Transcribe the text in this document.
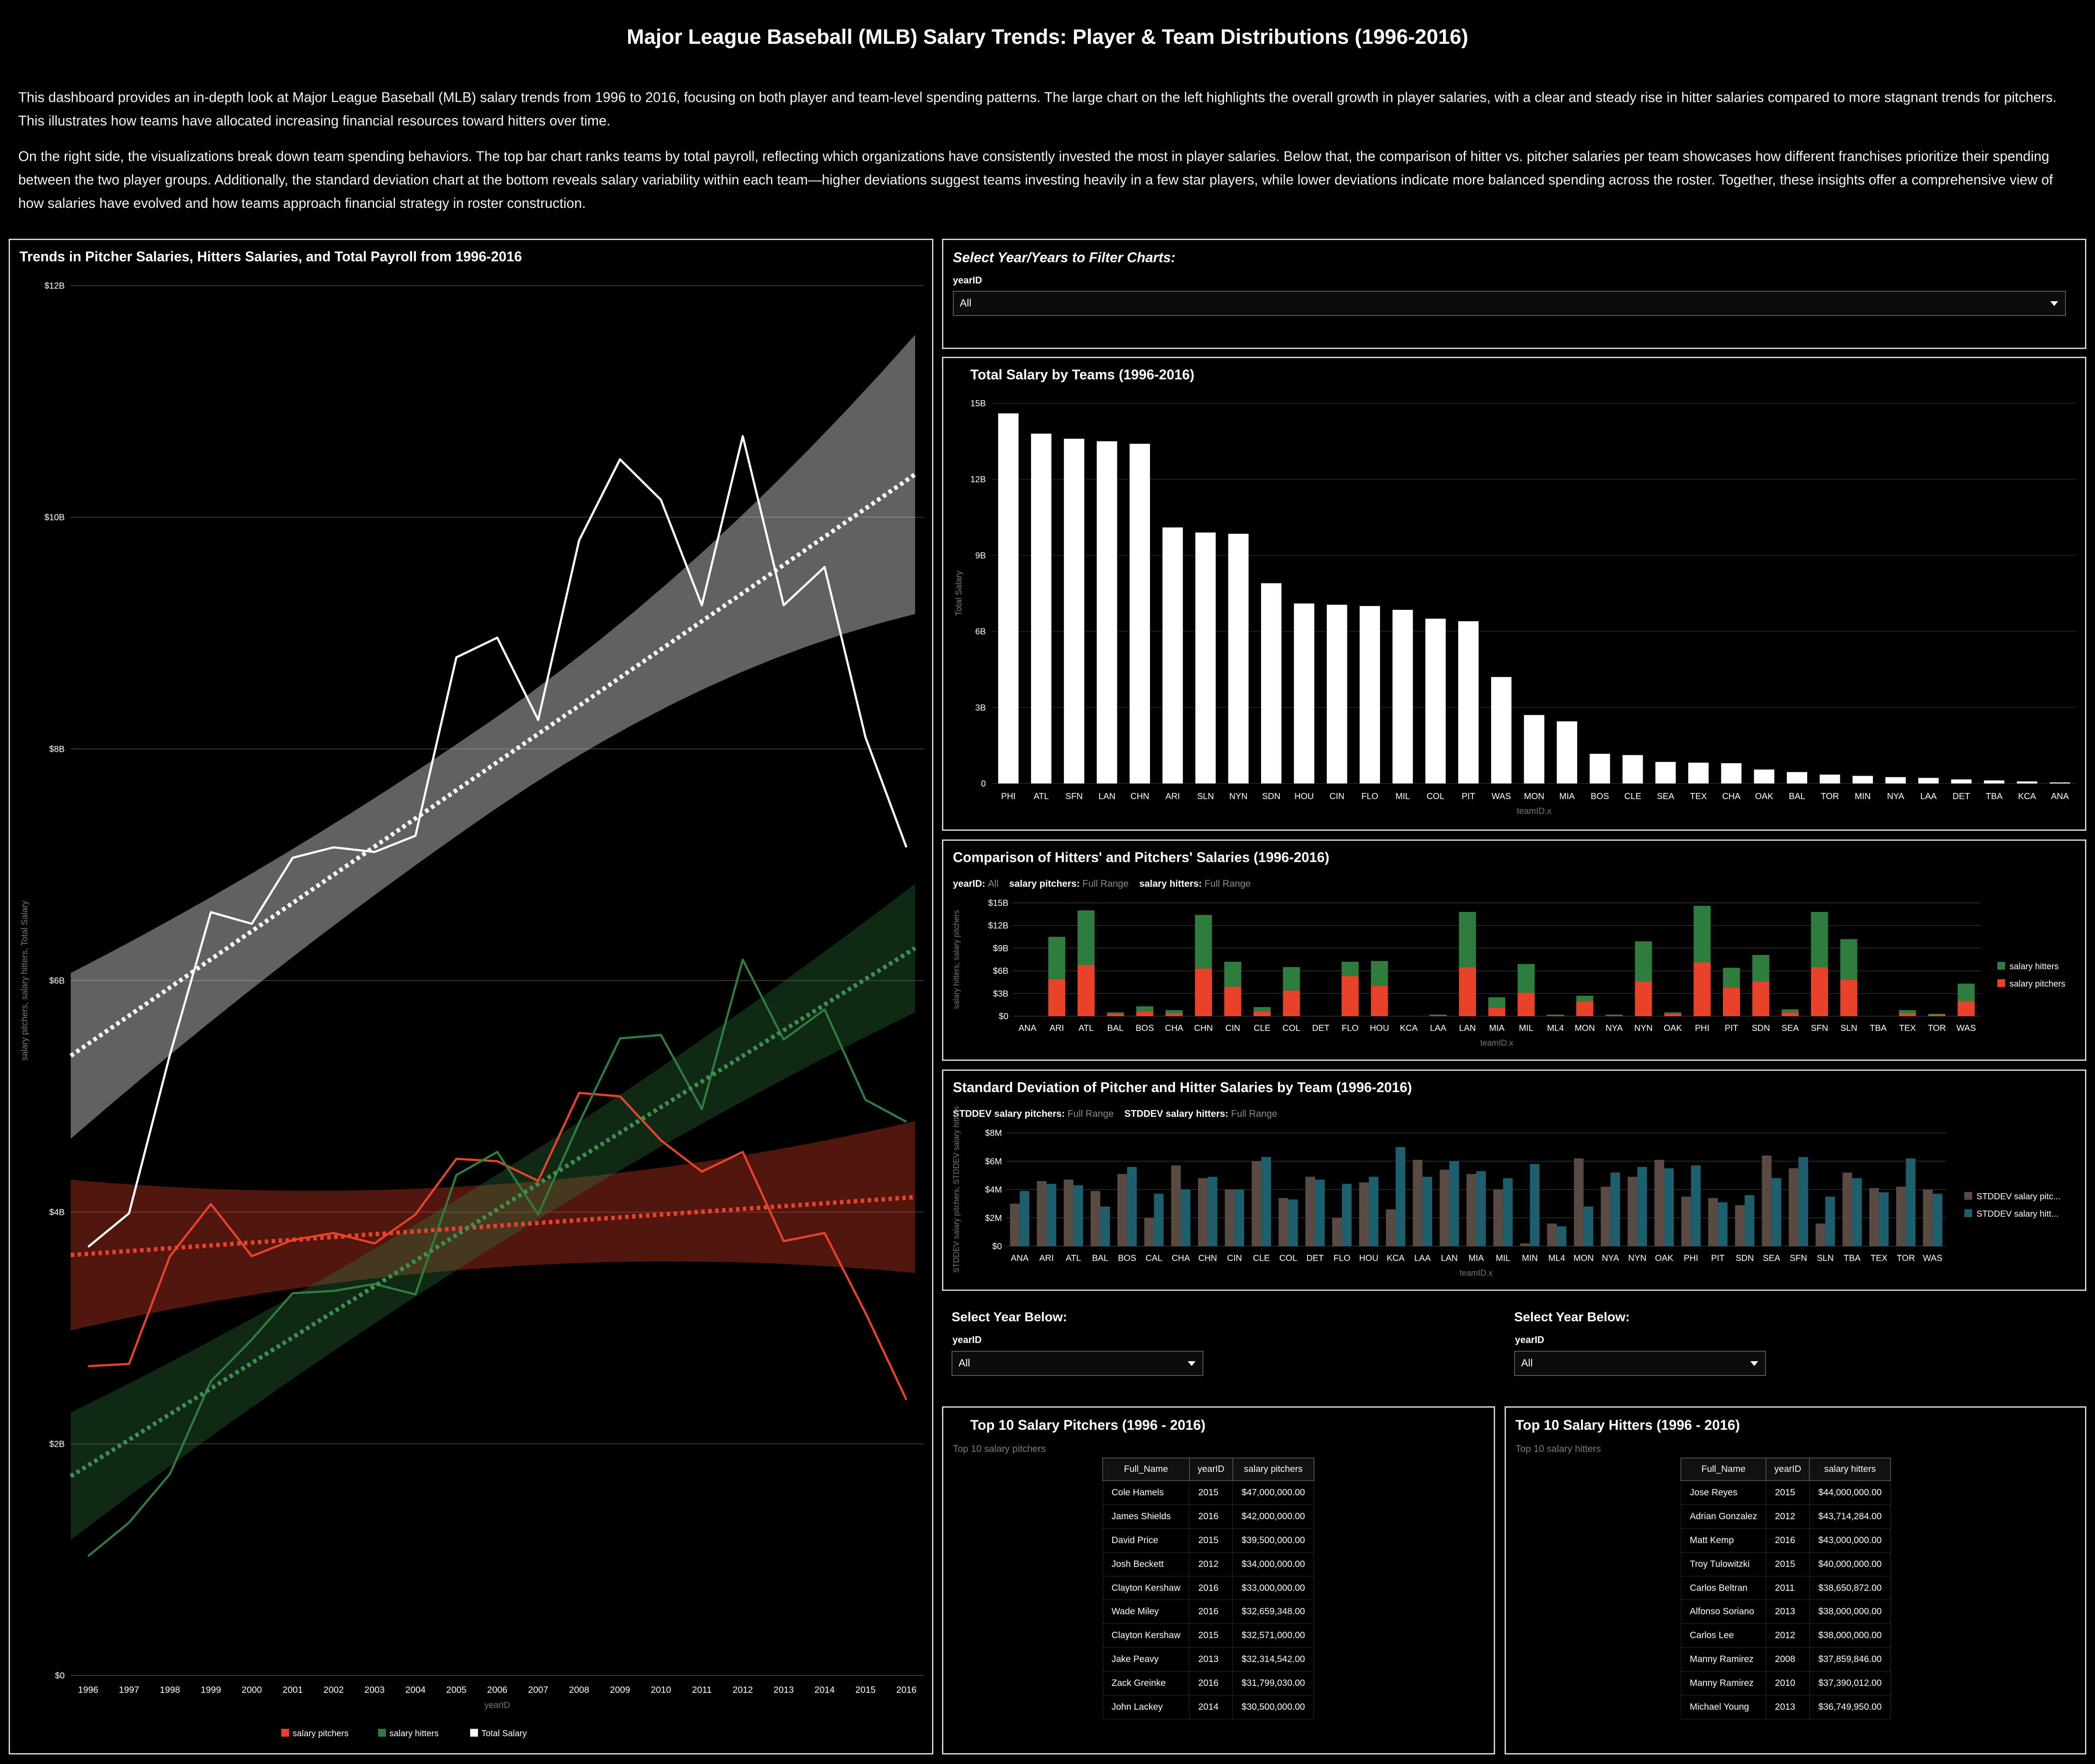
Major League Baseball (MLB) Salary Trends: Player & Team Distributions (1996-2016)
This dashboard provides an in-depth look at Major League Baseball (MLB) salary trends from 1996 to 2016, focusing on both player and team-level spending patterns. The large chart on the left highlights the overall growth in player salaries, with a clear and steady rise in hitter salaries compared to more stagnant trends for pitchers. This illustrates how teams have allocated increasing financial resources toward hitters over time.
On the right side, the visualizations break down team spending behaviors. The top bar chart ranks teams by total payroll, reflecting which organizations have consistently invested the most in player salaries. Below that, the comparison of hitter vs. pitcher salaries per team showcases how different franchises prioritize their spending between the two player groups. Additionally, the standard deviation chart at the bottom reveals salary variability within each team—higher deviations suggest teams investing heavily in a few star players, while lower deviations indicate more balanced spending across the roster. Together, these insights offer a comprehensive view of how salaries have evolved and how teams approach financial strategy in roster construction.
Trends in Pitcher Salaries, Hitters Salaries, and Total Payroll from 1996-2016
$0
$2B
$4B
$6B
$8B
$10B
$12B
1996 1997 1998 1999 2000 2001 2002 2003 2004 2005 2006 2007 2008 2009 2010 2011 2012 2013 2014 2015 2016
yearID
salary pitchers, salary hitters, Total Salary
salary pitchers	salary hitters	Total Salary
Select Year/Years to Filter Charts:
yearID
All
Total Salary by Teams (1996-2016)
0
3B
6B
9B
12B
15B
Total Salary
PHI ATL SFN LAN CHN ARI SLN NYN SDN HOU CIN FLO MIL COL PIT WAS MON MIA BOS CLE SEA TEX CHA OAK BAL TOR MIN NYA LAA DET TBA KCA ANA
teamID.x
Comparison of Hitters' and Pitchers' Salaries (1996-2016)
yearID: All salary pitchers: Full Range salary hitters: Full Range
$0
$3B
$6B
$9B
$12B
$15B
salary hitters, salary pitchers
ANA ARI ATL BAL BOS CHA CHN CIN CLE COL DET FLO HOU KCA LAA LAN MIA MIL ML4 MON NYA NYN OAK PHI PIT SDN SEA SFN SLN TBA TEX TOR WAS
teamID.x
salary hitters
salary pitchers
Standard Deviation of Pitcher and Hitter Salaries by Team (1996-2016)
STDDEV salary pitchers: Full Range STDDEV salary hitters: Full Range
$0
$2M
$4M
$6M
$8M
STDDEV salary pitchers, STDDEV salary hitters	ANA ARI ATL BAL BOS CAL CHA CHN CIN CLE COL DET FLO HOU KCA LAA LAN MIA MIL MIN ML4 MON NYA NYN OAK PHI PIT SDN SEA SFN SLN TBA TEX TOR WAS
teamID.x
STDDEV salary pitc...
STDDEV salary hitt...
Select Year Below:
yearID
All
Select Year Below:
yearID
All
Top 10 Salary Pitchers (1996 - 2016)
Top 10 salary pitchers
Full_Name	yearID	salary pitchers
Cole Hamels	2015	$47,000,000.00
James Shields	2016	$42,000,000.00
David Price	2015	$39,500,000.00
Josh Beckett	2012	$34,000,000.00
Clayton Kershaw	2016	$33,000,000.00
Wade Miley	2016	$32,659,348.00
Clayton Kershaw	2015	$32,571,000.00
Jake Peavy	2013	$32,314,542.00
Zack Greinke	2016	$31,799,030.00
John Lackey	2014	$30,500,000.00
Top 10 Salary Hitters (1996 - 2016)
Top 10 salary hitters
Full_Name	yearID	salary hitters
Jose Reyes	2015	$44,000,000.00
Adrian Gonzalez	2012	$43,714,284.00
Matt Kemp	2016	$43,000,000.00
Troy Tulowitzki	2015	$40,000,000.00
Carlos Beltran	2011	$38,650,872.00
Alfonso Soriano	2013	$38,000,000.00
Carlos Lee	2012	$38,000,000.00
Manny Ramirez	2008	$37,859,846.00
Manny Ramirez	2010	$37,390,012.00
Michael Young	2013	$36,749,950.00
